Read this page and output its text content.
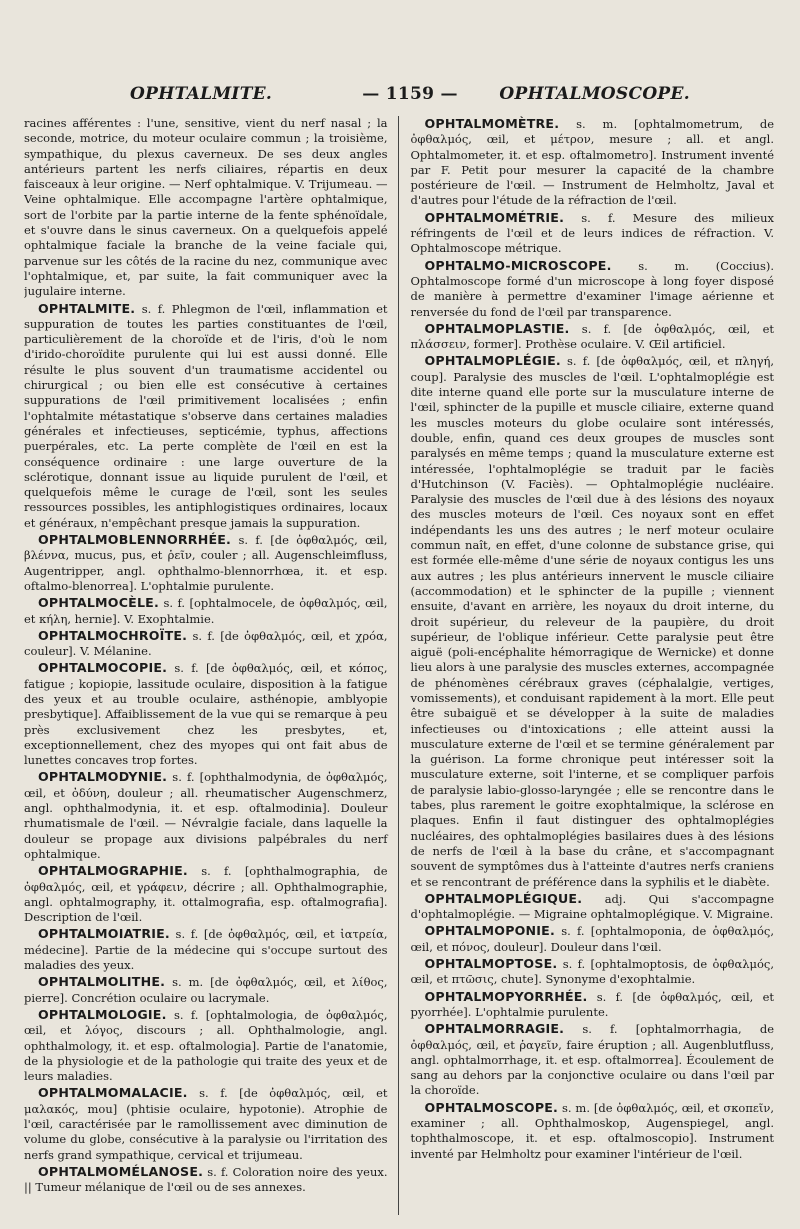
OPHTALMITE.	— 1159 — OPHTALMOSCOPE.

racines afférentes : l'une, sensitive, vient du nerf nasal ; la seconde, motrice, du moteur oculaire commun ; la troisième, sympathique, du plexus caverneux. De ses deux angles antérieurs partent les nerfs ciliaires, répartis en deux faisceaux à leur origine. — Nerf ophtalmique. V. Trijumeau. — Veine ophtalmique. Elle accompagne l'artère ophtalmique, sort de l'orbite par la partie interne de la fente sphénoïdale, et s'ouvre dans le sinus caverneux. On a quelquefois appelé ophtalmique faciale la branche de la veine faciale qui, parvenue sur les côtés de la racine du nez, communique avec l'ophtalmique, et, par suite, la fait communiquer avec la jugulaire interne.

OPHTALMITE. s. f. Phlegmon de l'œil, inflammation et suppuration de toutes les parties constituantes de l'œil, particulièrement de la choroïde et de l'iris, d'où le nom d'irido-choroïdite purulente qui lui est aussi donné. Elle résulte le plus souvent d'un traumatisme accidentel ou chirurgical ; ou bien elle est consécutive à certaines suppurations de l'œil primitivement localisées ; enfin l'ophtalmite métastatique s'observe dans certaines maladies générales et infectieuses, septicémie, typhus, affections puerpérales, etc. La perte complète de l'œil en est la conséquence ordinaire : une large ouverture de la sclérotique, donnant issue au liquide purulent de l'œil, et quelquefois même le curage de l'œil, sont les seules ressources possibles, les antiphlogistiques ordinaires, locaux et généraux, n'empêchant presque jamais la suppuration.

OPHTALMOBLENNORRHÉE. s. f. [de ὀφθαλμός, œil, βλέννα, mucus, pus, et ῥεῖν, couler ; all. Augenschleimfluss, Augentripper, angl. ophthalmo-blennorrhœa, it. et esp. oftalmo-blenorrea]. L'ophtalmie purulente.

OPHTALMOCÈLE. s. f. [ophtalmocele, de ὀφθαλμός, œil, et κήλη, hernie]. V. Exophtalmie.

OPHTALMOCHROÏTE. s. f. [de ὀφθαλμός, œil, et χρόα, couleur]. V. Mélanine.

OPHTALMOCOPIE. s. f. [de ὀφθαλμός, œil, et κόπος, fatigue ; kopiopie, lassitude oculaire, disposition à la fatigue des yeux et au trouble oculaire, asthénopie, amblyopie presbytique]. Affaiblissement de la vue qui se remarque à peu près exclusivement chez les presbytes, et, exceptionnellement, chez des myopes qui ont fait abus de lunettes concaves trop fortes.

OPHTALMODYNIE. s. f. [ophthalmodynia, de ὀφθαλμός, œil, et ὀδύνη, douleur ; all. rheumatischer Augenschmerz, angl. ophthalmodynia, it. et esp. oftalmodinia]. Douleur rhumatismale de l'œil. — Névralgie faciale, dans laquelle la douleur se propage aux divisions palpébrales du nerf ophtalmique.

OPHTALMOGRAPHIE. s. f. [ophthalmographia, de ὀφθαλμός, œil, et γράφειν, décrire ; all. Ophthalmographie, angl. ophtalmography, it. ottalmografia, esp. oftalmografia]. Description de l'œil.

OPHTALMOIATRIE. s. f. [de ὀφθαλμός, œil, et ἰατρεία, médecine]. Partie de la médecine qui s'occupe surtout des maladies des yeux.

OPHTALMOLITHE. s. m. [de ὀφθαλμός, œil, et λίθος, pierre]. Concrétion oculaire ou lacrymale.

OPHTALMOLOGIE. s. f. [ophtalmologia, de ὀφθαλμός, œil, et λόγος, discours ; all. Ophthalmologie, angl. ophthalmology, it. et esp. oftalmologia]. Partie de l'anatomie, de la physiologie et de la pathologie qui traite des yeux et de leurs maladies.

OPHTALMOMALACIE. s. f. [de ὀφθαλμός, œil, et μαλακός, mou] (phtisie oculaire, hypotonie). Atrophie de l'œil, caractérisée par le ramollissement avec diminution de volume du globe, consécutive à la paralysie ou l'irritation des nerfs grand sympathique, cervical et trijumeau.

OPHTALMOMÉLANOSE. s. f. Coloration noire des yeux. || Tumeur mélanique de l'œil ou de ses annexes.

OPHTALMOMÈTRE. s. m. [ophtalmometrum, de ὀφθαλμός, œil, et μέτρον, mesure ; all. et angl. Ophtalmometer, it. et esp. oftalmometro]. Instrument inventé par F. Petit pour mesurer la capacité de la chambre postérieure de l'œil. — Instrument de Helmholtz, Javal et d'autres pour l'étude de la réfraction de l'œil.

OPHTALMOMÉTRIE. s. f. Mesure des milieux réfringents de l'œil et de leurs indices de réfraction. V. Ophtalmoscope métrique.

OPHTALMO-MICROSCOPE. s. m. (Coccius). Ophtalmoscope formé d'un microscope à long foyer disposé de manière à permettre d'examiner l'image aérienne et renversée du fond de l'œil par transparence.

OPHTALMOPLASTIE. s. f. [de ὀφθαλμός, œil, et πλάσσειν, former]. Prothèse oculaire. V. Œil artificiel.

OPHTALMOPLÉGIE. s. f. [de ὀφθαλμός, œil, et πληγή, coup]. Paralysie des muscles de l'œil. L'ophtalmoplégie est dite interne quand elle porte sur la musculature interne de l'œil, sphincter de la pupille et muscle ciliaire, externe quand les muscles moteurs du globe oculaire sont intéressés, double, enfin, quand ces deux groupes de muscles sont paralysés en même temps ; quand la musculature externe est intéressée, l'ophtalmoplégie se traduit par le faciès d'Hutchinson (V. Faciès). — Ophtalmoplégie nucléaire. Paralysie des muscles de l'œil due à des lésions des noyaux des muscles moteurs de l'œil. Ces noyaux sont en effet indépendants les uns des autres ; le nerf moteur oculaire commun naît, en effet, d'une colonne de substance grise, qui est formée elle-même d'une série de noyaux contigus les uns aux autres ; les plus antérieurs innervent le muscle ciliaire (accommodation) et le sphincter de la pupille ; viennent ensuite, d'avant en arrière, les noyaux du droit interne, du droit supérieur, du releveur de la paupière, du droit supérieur, de l'oblique inférieur. Cette paralysie peut être aiguë (poli-encéphalite hémorragique de Wernicke) et donne lieu alors à une paralysie des muscles externes, accompagnée de phénomènes cérébraux graves (céphalalgie, vertiges, vomissements), et conduisant rapidement à la mort. Elle peut être subaiguë et se développer à la suite de maladies infectieuses ou d'intoxications ; elle atteint aussi la musculature externe de l'œil et se termine généralement par la guérison. La forme chronique peut intéresser soit la musculature externe, soit l'interne, et se compliquer parfois de paralysie labio-glosso-laryngée ; elle se rencontre dans le tabes, plus rarement le goitre exophtalmique, la sclérose en plaques. Enfin il faut distinguer des ophtalmoplégies nucléaires, des ophtalmoplégies basilaires dues à des lésions de nerfs de l'œil à la base du crâne, et s'accompagnant souvent de symptômes dus à l'atteinte d'autres nerfs craniens et se rencontrant de préférence dans la syphilis et le diabète.

OPHTALMOPLÉGIQUE. adj. Qui s'accompagne d'ophtalmoplégie. — Migraine ophtalmoplégique. V. Migraine.

OPHTALMOPONIE. s. f. [ophtalmoponia, de ὀφθαλμός, œil, et πόνος, douleur]. Douleur dans l'œil.

OPHTALMOPTOSE. s. f. [ophtalmoptosis, de ὀφθαλμός, œil, et πτῶσις, chute]. Synonyme d'exophtalmie.

OPHTALMOPYORRHÉE. s. f. [de ὀφθαλμός, œil, et pyorrhée]. L'ophtalmie purulente.

OPHTALMORRAGIE. s. f. [ophtalmorrhagia, de ὀφθαλμός, œil, et ῥαγεῖν, faire éruption ; all. Augenblutfluss, angl. ophtalmorrhage, it. et esp. oftalmorrea]. Écoulement de sang au dehors par la conjonctive oculaire ou dans l'œil par la choroïde.

OPHTALMOSCOPE. s. m. [de ὀφθαλμός, œil, et σκοπεῖν, examiner ; all. Ophthalmoskop, Augenspiegel, angl. tophthalmoscope, it. et esp. oftalmoscopio]. Instrument inventé par Helmholtz pour examiner l'intérieur de l'œil.
